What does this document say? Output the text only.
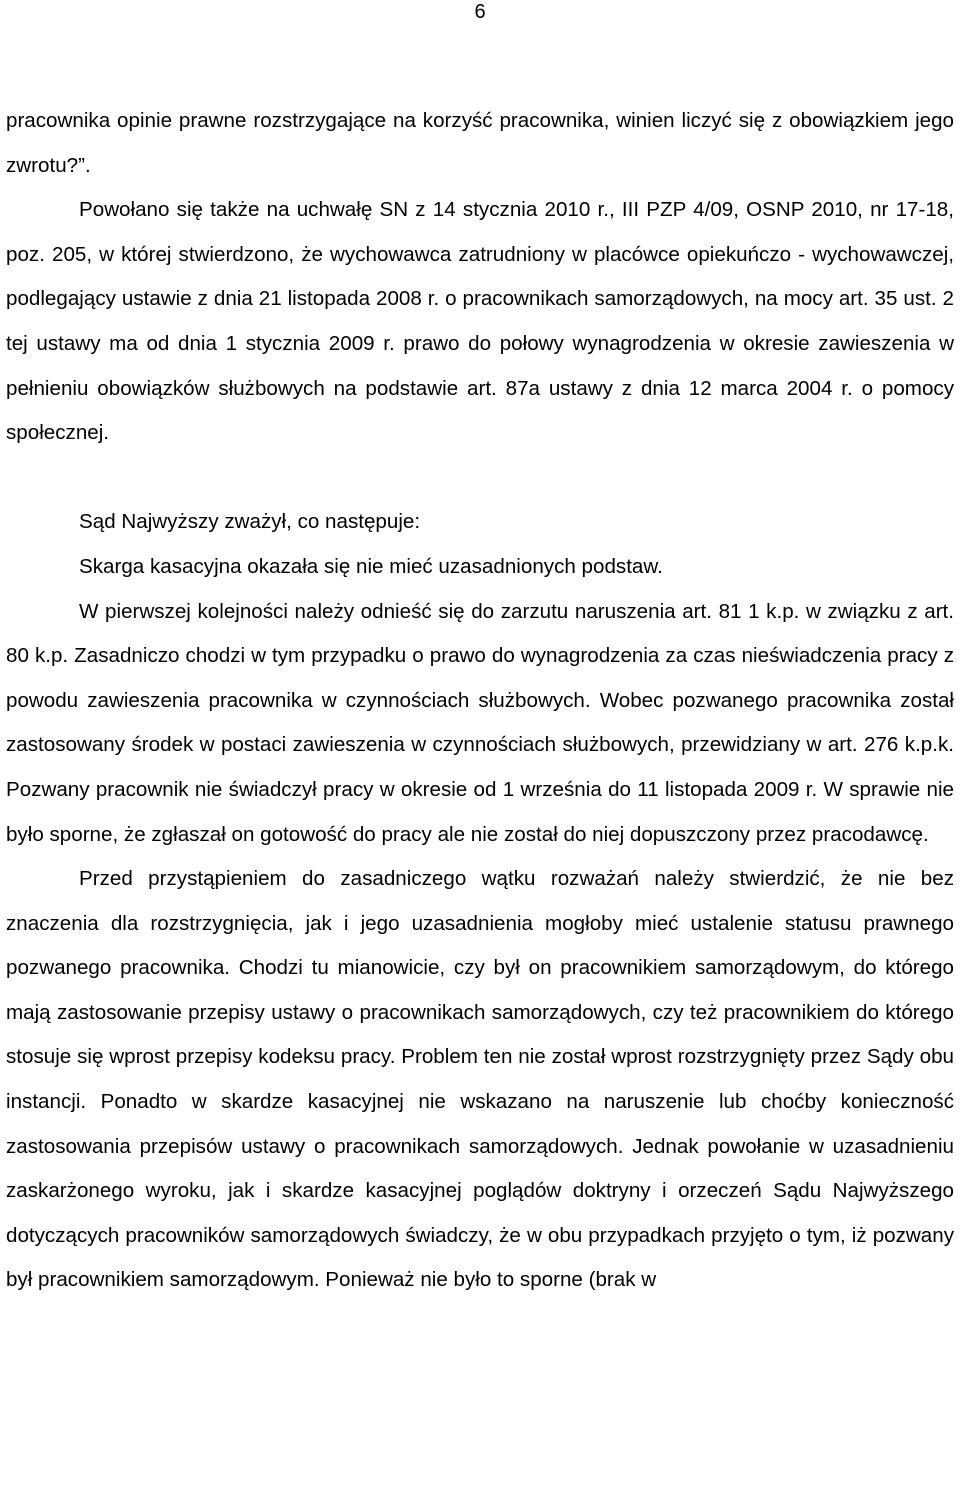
6

pracownika opinie prawne rozstrzygające na korzyść pracownika, winien liczyć się z obowiązkiem jego zwrotu?”.

Powołano się także na uchwałę SN z 14 stycznia 2010 r., III PZP 4/09, OSNP 2010, nr 17-18, poz. 205, w której stwierdzono, że wychowawca zatrudniony w placówce opiekuńczo - wychowawczej, podlegający ustawie z dnia 21 listopada 2008 r. o pracownikach samorządowych, na mocy art. 35 ust. 2 tej ustawy ma od dnia 1 stycznia 2009 r. prawo do połowy wynagrodzenia w okresie zawieszenia w pełnieniu obowiązków służbowych na podstawie art. 87a ustawy z dnia 12 marca 2004 r. o pomocy społecznej.

Sąd Najwyższy zważył, co następuje:

Skarga kasacyjna okazała się nie mieć uzasadnionych podstaw.

W pierwszej kolejności należy odnieść się do zarzutu naruszenia art. 81 1 k.p. w związku z art. 80 k.p. Zasadniczo chodzi w tym przypadku o prawo do wynagrodzenia za czas nieświadczenia pracy z powodu zawieszenia pracownika w czynnościach służbowych. Wobec pozwanego pracownika został zastosowany środek w postaci zawieszenia w czynnościach służbowych, przewidziany w art. 276 k.p.k. Pozwany pracownik nie świadczył pracy w okresie od 1 września do 11 listopada 2009 r. W sprawie nie było sporne, że zgłaszał on gotowość do pracy ale nie został do niej dopuszczony przez pracodawcę.

Przed przystąpieniem do zasadniczego wątku rozważań należy stwierdzić, że nie bez znaczenia dla rozstrzygnięcia, jak i jego uzasadnienia mogłoby mieć ustalenie statusu prawnego pozwanego pracownika. Chodzi tu mianowicie, czy był on pracownikiem samorządowym, do którego mają zastosowanie przepisy ustawy o pracownikach samorządowych, czy też pracownikiem do którego stosuje się wprost przepisy kodeksu pracy. Problem ten nie został wprost rozstrzygnięty przez Sądy obu instancji. Ponadto w skardze kasacyjnej nie wskazano na naruszenie lub choćby konieczność zastosowania przepisów ustawy o pracownikach samorządowych. Jednak powołanie w uzasadnieniu zaskarżonego wyroku, jak i skardze kasacyjnej poglądów doktryny i orzeczeń Sądu Najwyższego dotyczących pracowników samorządowych świadczy, że w obu przypadkach przyjęto o tym, iż pozwany był pracownikiem samorządowym. Ponieważ nie było to sporne (brak w
